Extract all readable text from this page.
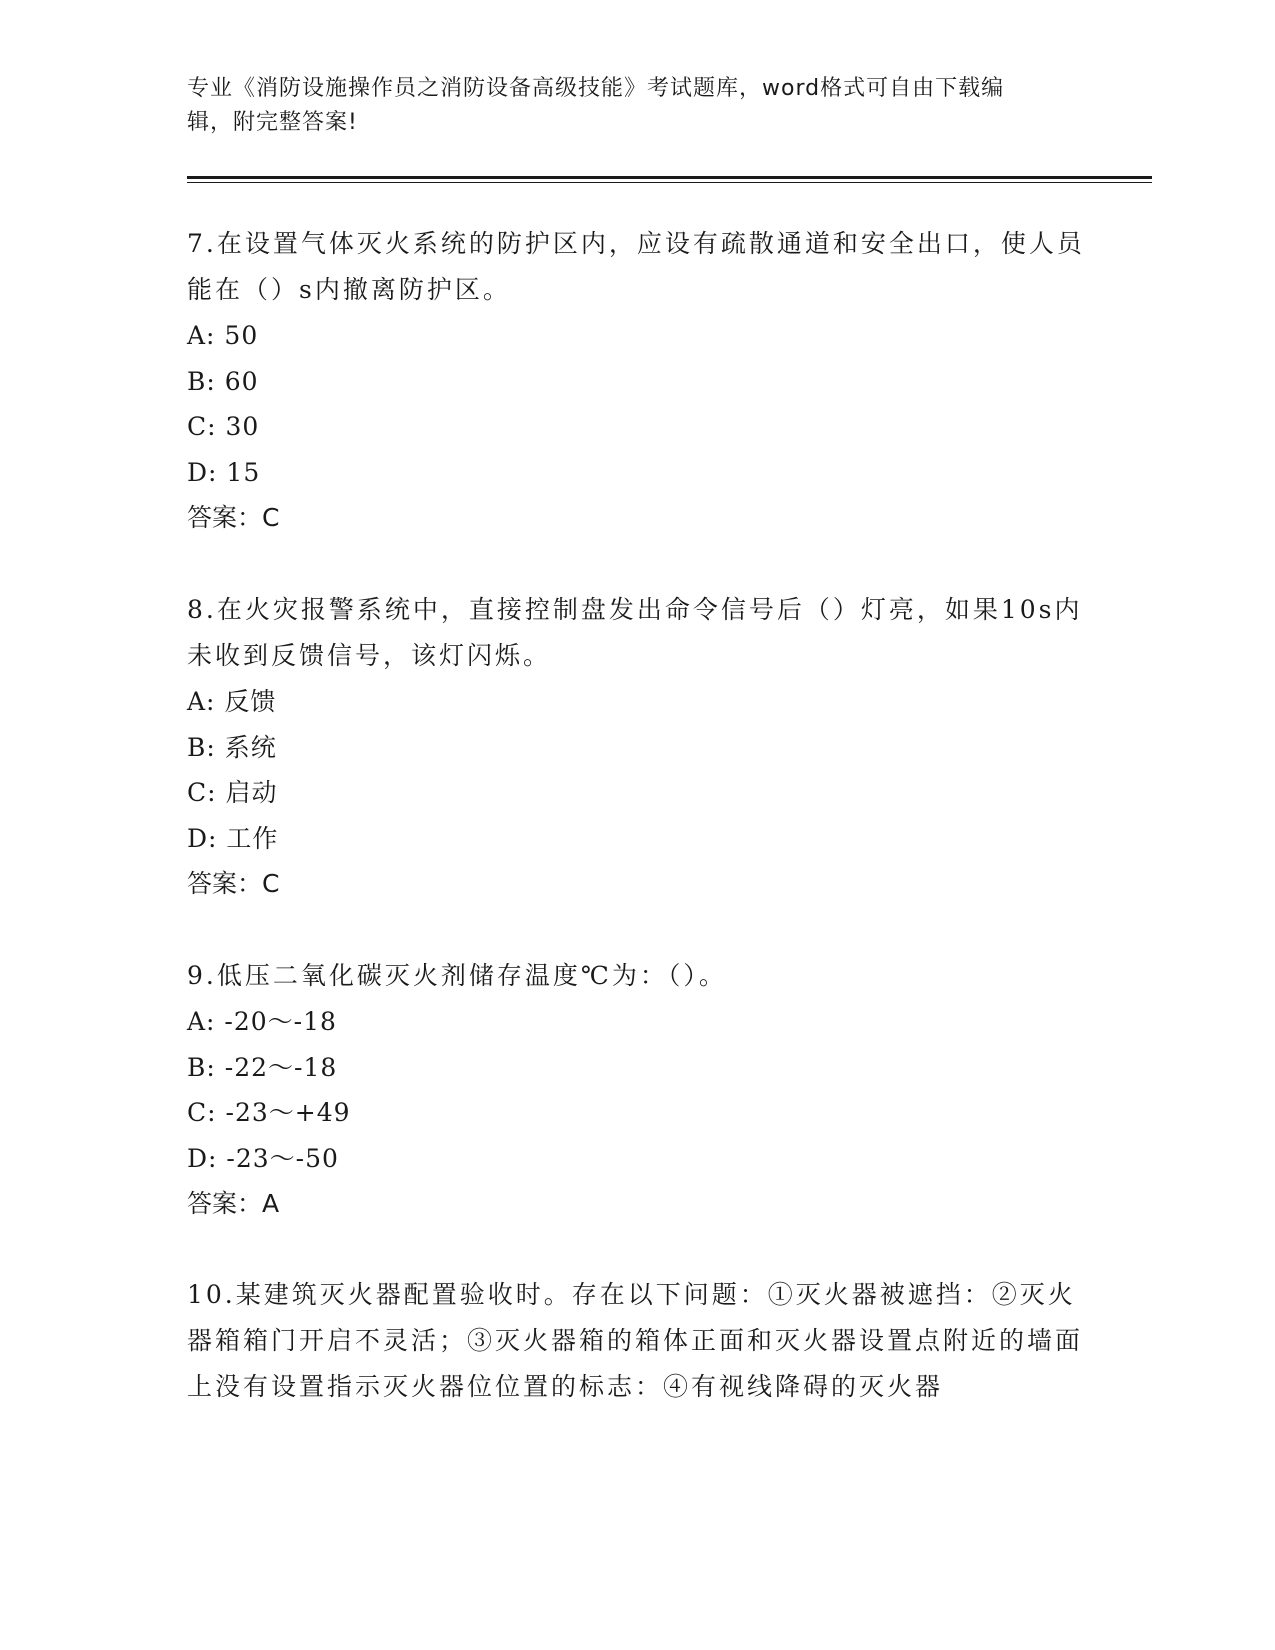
专业《消防设施操作员之消防设备高级技能》考试题库，word格式可自由下载编
辑，附完整答案!

7.在设置气体灭火系统的防护区内，应设有疏散通道和安全出口，使人员能在（）s内撤离防护区。

A: 50

B: 60

C: 30

D: 15

答案：C

8.在火灾报警系统中，直接控制盘发出命令信号后（）灯亮，如果10s内未收到反馈信号，该灯闪烁。

A: 反馈

B: 系统

C: 启动

D: 工作

答案：C

9.低压二氧化碳灭火剂储存温度℃为：（）。

A: -20～-18

B: -22～-18

C: -23～+49

D: -23～-50

答案：A

10.某建筑灭火器配置验收时。存在以下问题：①灭火器被遮挡：②灭火器箱箱门开启不灵活；③灭火器箱的箱体正面和灭火器设置点附近的墙面上没有设置指示灭火器位位置的标志：④有视线降碍的灭火器
